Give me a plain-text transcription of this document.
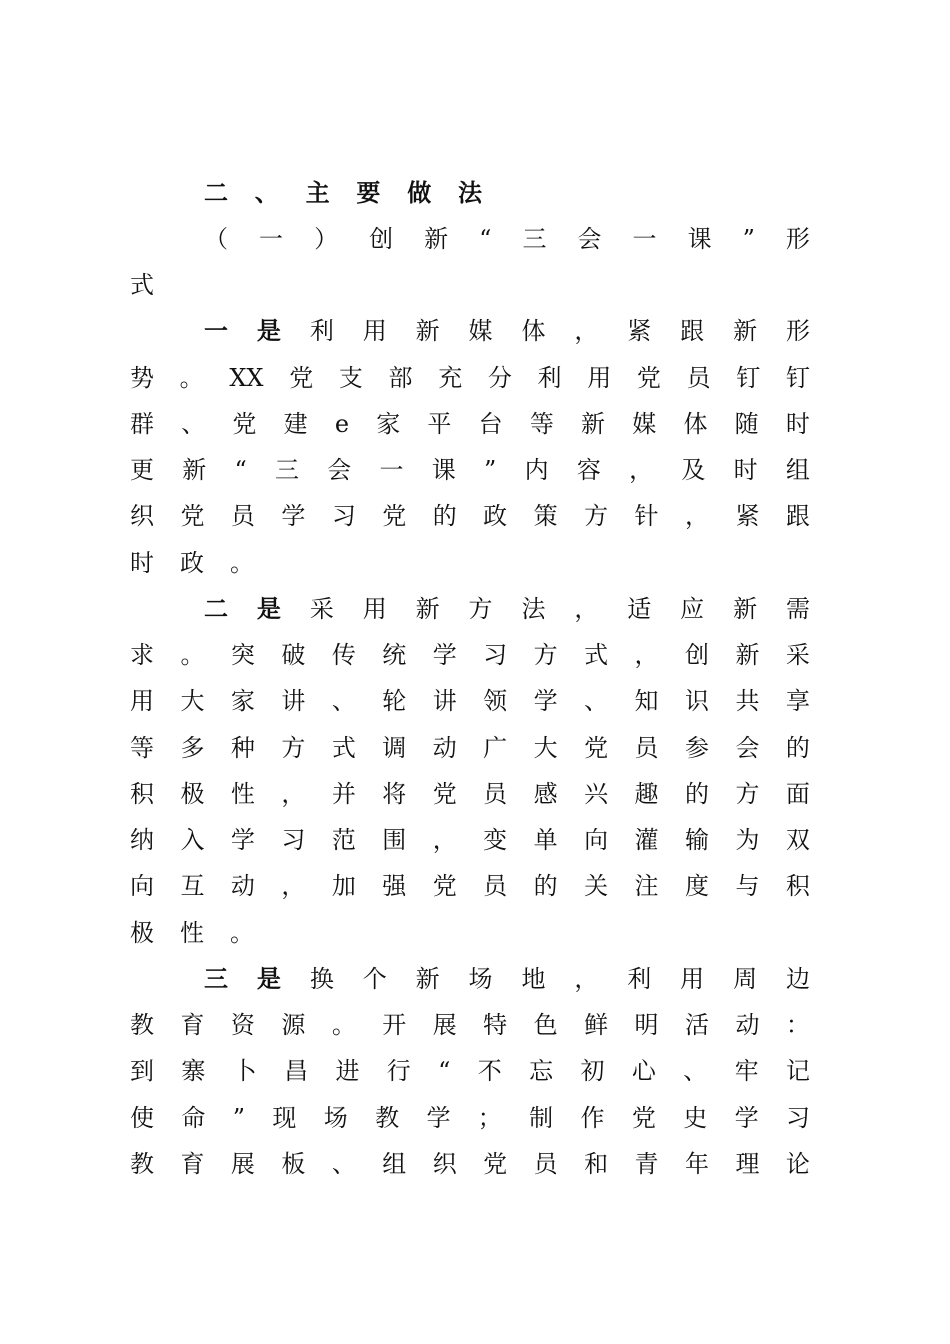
二 、 主 要 做 法
（ 一 ） 创 新 “ 三 会 一 课 ” 形
式
一 是 利 用 新 媒 体 ， 紧 跟 新 形
势 。 XX 党 支 部 充 分 利 用 党 员 钉 钉
群 、 党 建 e 家 平 台 等 新 媒 体 随 时
更 新 “ 三 会 一 课 ” 内 容 ， 及 时 组
织 党 员 学 习 党 的 政 策 方 针 ， 紧 跟
时 政 。
二 是 采 用 新 方 法 ， 适 应 新 需
求 。 突 破 传 统 学 习 方 式 ， 创 新 采
用 大 家 讲 、 轮 讲 领 学 、 知 识 共 享
等 多 种 方 式 调 动 广 大 党 员 参 会 的
积 极 性 ， 并 将 党 员 感 兴 趣 的 方 面
纳 入 学 习 范 围 ， 变 单 向 灌 输 为 双
向 互 动 ， 加 强 党 员 的 关 注 度 与 积
极 性 。
三 是 换 个 新 场 地 ， 利 用 周 边
教 育 资 源 。 开 展 特 色 鲜 明 活 动 ：
到 寨 卜 昌 进 行 “ 不 忘 初 心 、 牢 记
使 命 ” 现 场 教 学 ； 制 作 党 史 学 习
教 育 展 板 、 组 织 党 员 和 青 年 理 论
